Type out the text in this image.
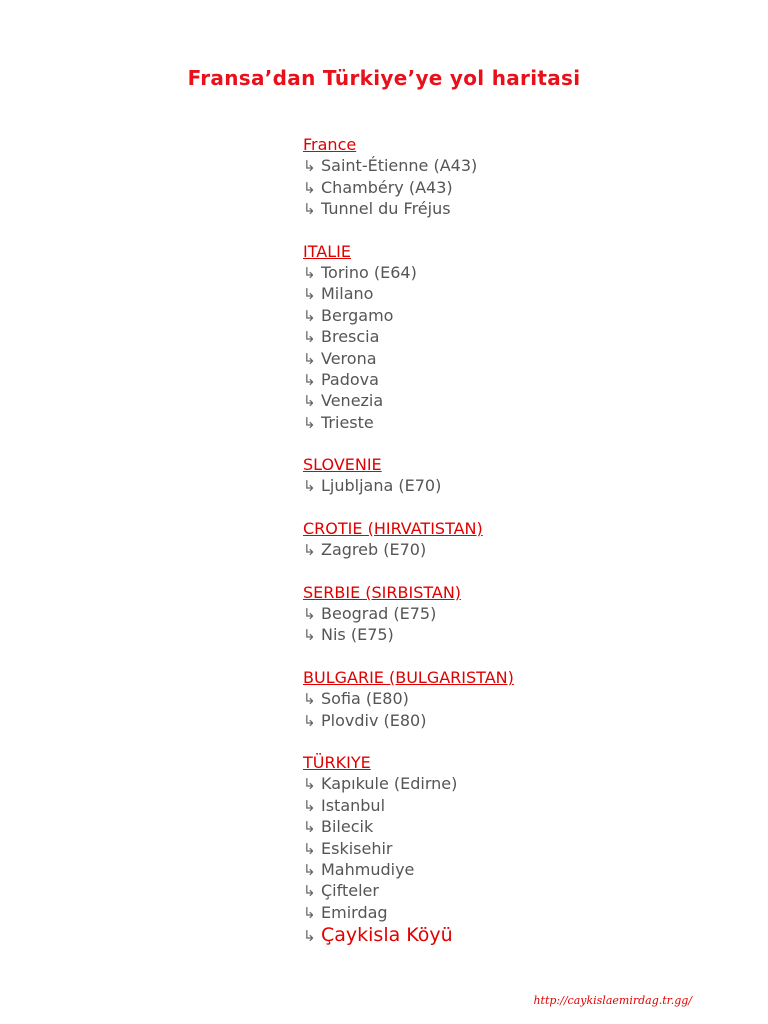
Fransa’dan Türkiye’ye yol haritasi
France
↳ Saint-Étienne (A43)
↳ Chambéry (A43)
↳ Tunnel du Fréjus
ITALIE
↳ Torino (E64)
↳ Milano
↳ Bergamo
↳ Brescia
↳ Verona
↳ Padova
↳ Venezia
↳ Trieste
SLOVENIE
↳ Ljubljana (E70)
CROTIE (HIRVATISTAN)
↳ Zagreb (E70)
SERBIE (SIRBISTAN)
↳ Beograd (E75)
↳ Nis (E75)
BULGARIE (BULGARISTAN)
↳ Sofia (E80)
↳ Plovdiv (E80)
TÜRKIYE
↳ Kapıkule (Edirne)
↳ Istanbul
↳ Bilecik
↳ Eskisehir
↳ Mahmudiye
↳ Çifteler
↳ Emirdag
↳ Çaykisla Köyü
http://caykislaemirdag.tr.gg/
